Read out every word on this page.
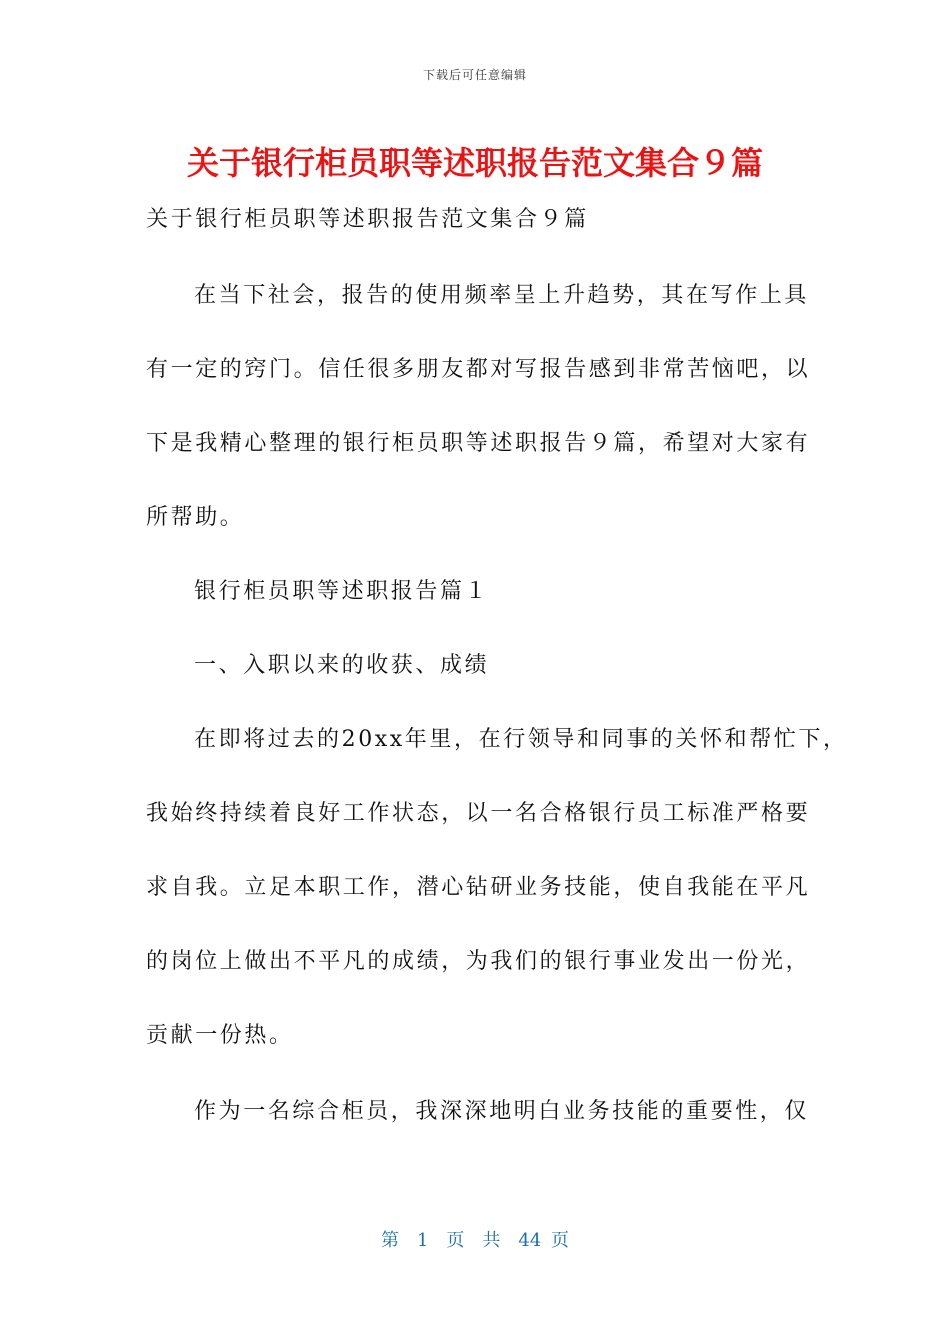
下载后可任意编辑
关于银行柜员职等述职报告范文集合９篇
关于银行柜员职等述职报告范文集合９篇
在当下社会，报告的使用频率呈上升趋势，其在写作上具
有一定的窍门。信任很多朋友都对写报告感到非常苦恼吧，以
下是我精心整理的银行柜员职等述职报告９篇，希望对大家有
所帮助。
银行柜员职等述职报告篇１
一、入职以来的收获、成绩
在即将过去的20xx年里，在行领导和同事的关怀和帮忙下，
我始终持续着良好工作状态，以一名合格银行员工标准严格要
求自我。立足本职工作，潜心钻研业务技能，使自我能在平凡
的岗位上做出不平凡的成绩，为我们的银行事业发出一份光，
贡献一份热。
作为一名综合柜员，我深深地明白业务技能的重要性，仅
第　1　页　共　44 页
